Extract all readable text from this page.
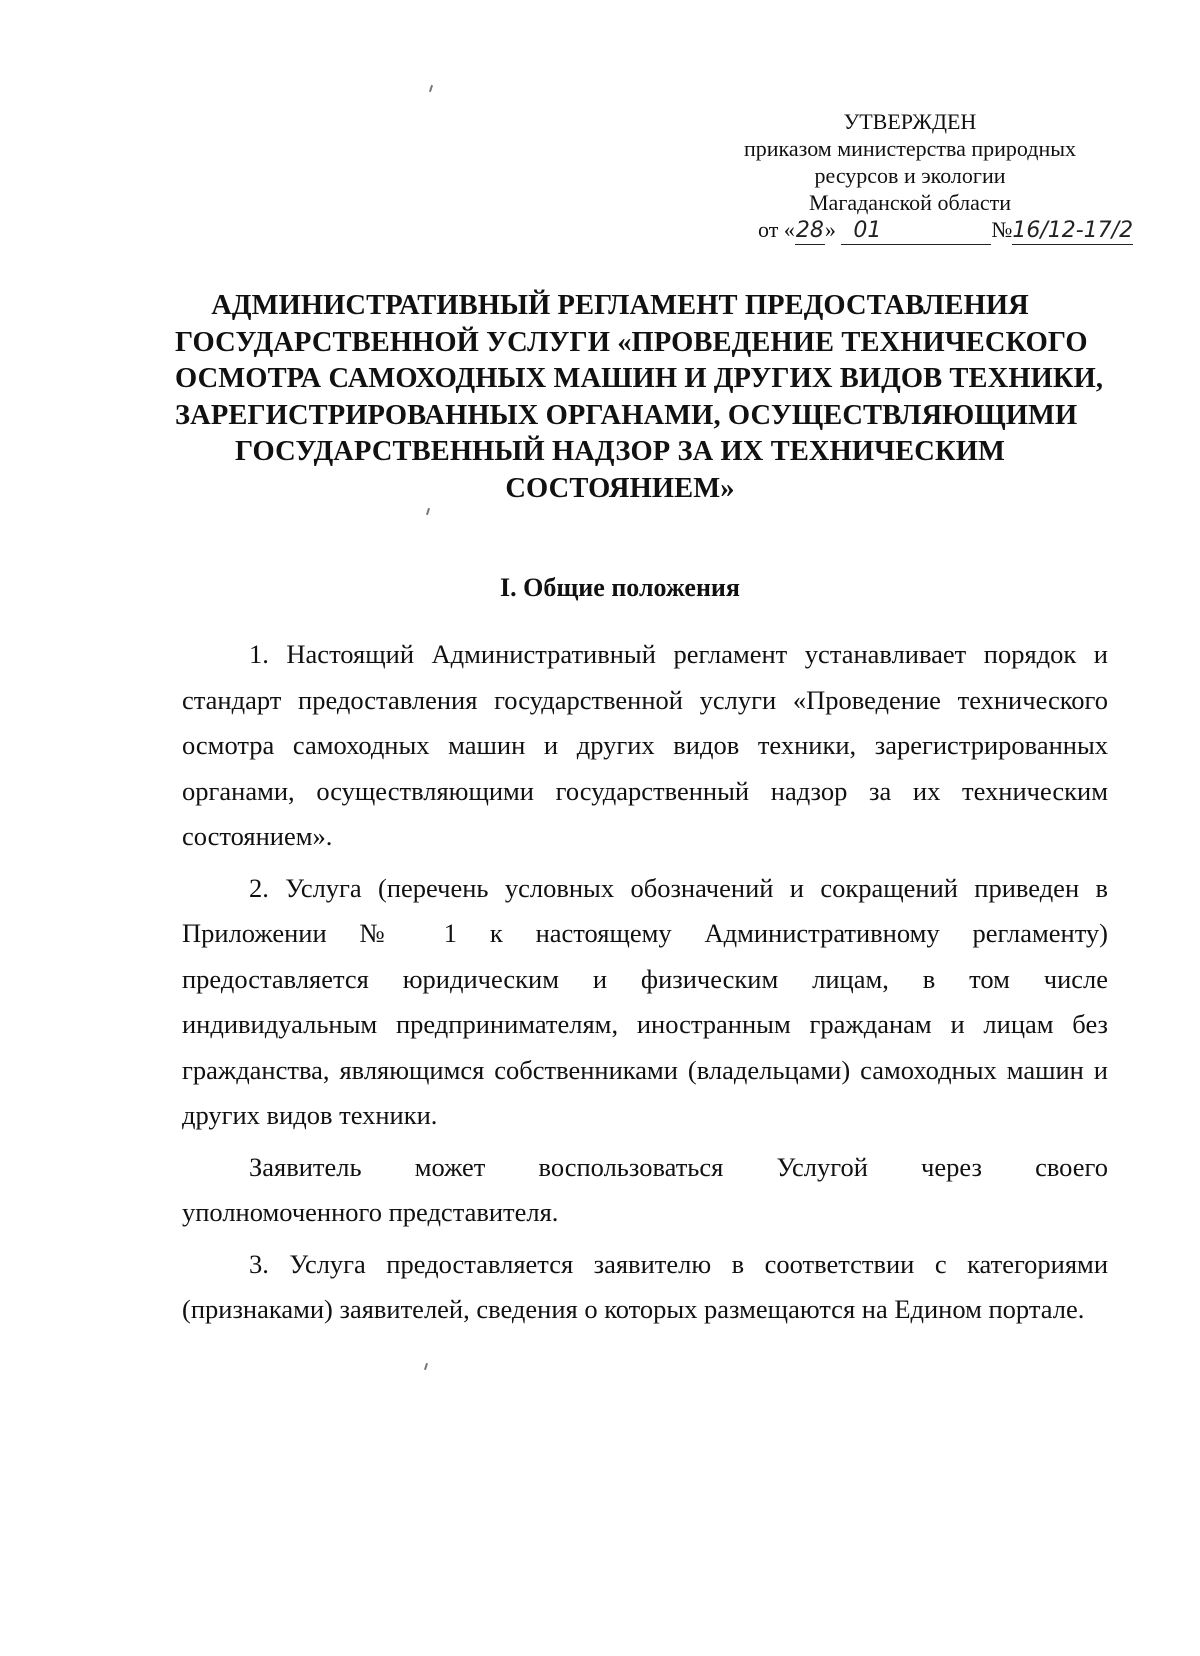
УТВЕРЖДЕН
приказом министерства природных
ресурсов и экологии
Магаданской области
от «28» 01	№16/12-17/2
АДМИНИСТРАТИВНЫЙ РЕГЛАМЕНТ ПРЕДОСТАВЛЕНИЯ
ГОСУДАРСТВЕННОЙ УСЛУГИ «ПРОВЕДЕНИЕ ТЕХНИЧЕСКОГО
ОСМОТРА САМОХОДНЫХ МАШИН И ДРУГИХ ВИДОВ ТЕХНИКИ,
ЗАРЕГИСТРИРОВАННЫХ ОРГАНАМИ, ОСУЩЕСТВЛЯЮЩИМИ
ГОСУДАРСТВЕННЫЙ НАДЗОР ЗА ИХ ТЕХНИЧЕСКИМ
СОСТОЯНИЕМ»
I. Общие положения

1. Настоящий Административный регламент устанавливает порядок и стандарт предоставления государственной услуги «Проведение технического осмотра самоходных машин и других видов техники, зарегистрированных органами, осуществляющими государственный надзор за их техническим состоянием».

2. Услуга (перечень условных обозначений и сокращений приведен в Приложении № 1 к настоящему Административному регламенту) предоставляется юридическим и физическим лицам, в том числе индивидуальным предпринимателям, иностранным гражданам и лицам без гражданства, являющимся собственниками (владельцами) самоходных машин и других видов техники.

Заявитель может воспользоваться Услугой через своего
уполномоченного представителя.

3. Услуга предоставляется заявителю в соответствии с категориями (признаками) заявителей, сведения о которых размещаются на Едином портале.
